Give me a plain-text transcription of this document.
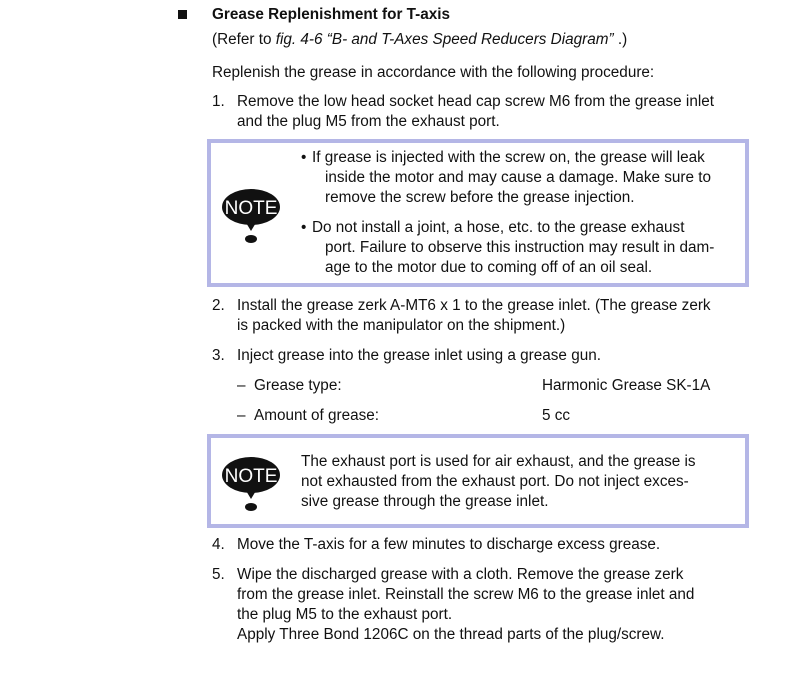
Grease Replenishment for T-axis
(Refer to fig. 4-6 “B- and T-Axes Speed Reducers Diagram” .)
Replenish the grease in accordance with the following procedure:
1. Remove the low head socket head cap screw M6 from the grease inlet
and the plug M5 from the exhaust port.
NOTE
• If grease is injected with the screw on, the grease will leak
inside the motor and may cause a damage. Make sure to
remove the screw before the grease injection.
• Do not install a joint, a hose, etc. to the grease exhaust
port. Failure to observe this instruction may result in dam-
age to the motor due to coming off of an oil seal.
2. Install the grease zerk A-MT6 x 1 to the grease inlet. (The grease zerk
is packed with the manipulator on the shipment.)
3. Inject grease into the grease inlet using a grease gun.
– Grease type:	Harmonic Grease SK-1A
– Amount of grease:	5 cc
NOTE
The exhaust port is used for air exhaust, and the grease is
not exhausted from the exhaust port. Do not inject exces-
sive grease through the grease inlet.
4. Move the T-axis for a few minutes to discharge excess grease.
5. Wipe the discharged grease with a cloth. Remove the grease zerk
from the grease inlet. Reinstall the screw M6 to the grease inlet and
the plug M5 to the exhaust port.
Apply Three Bond 1206C on the thread parts of the plug/screw.
